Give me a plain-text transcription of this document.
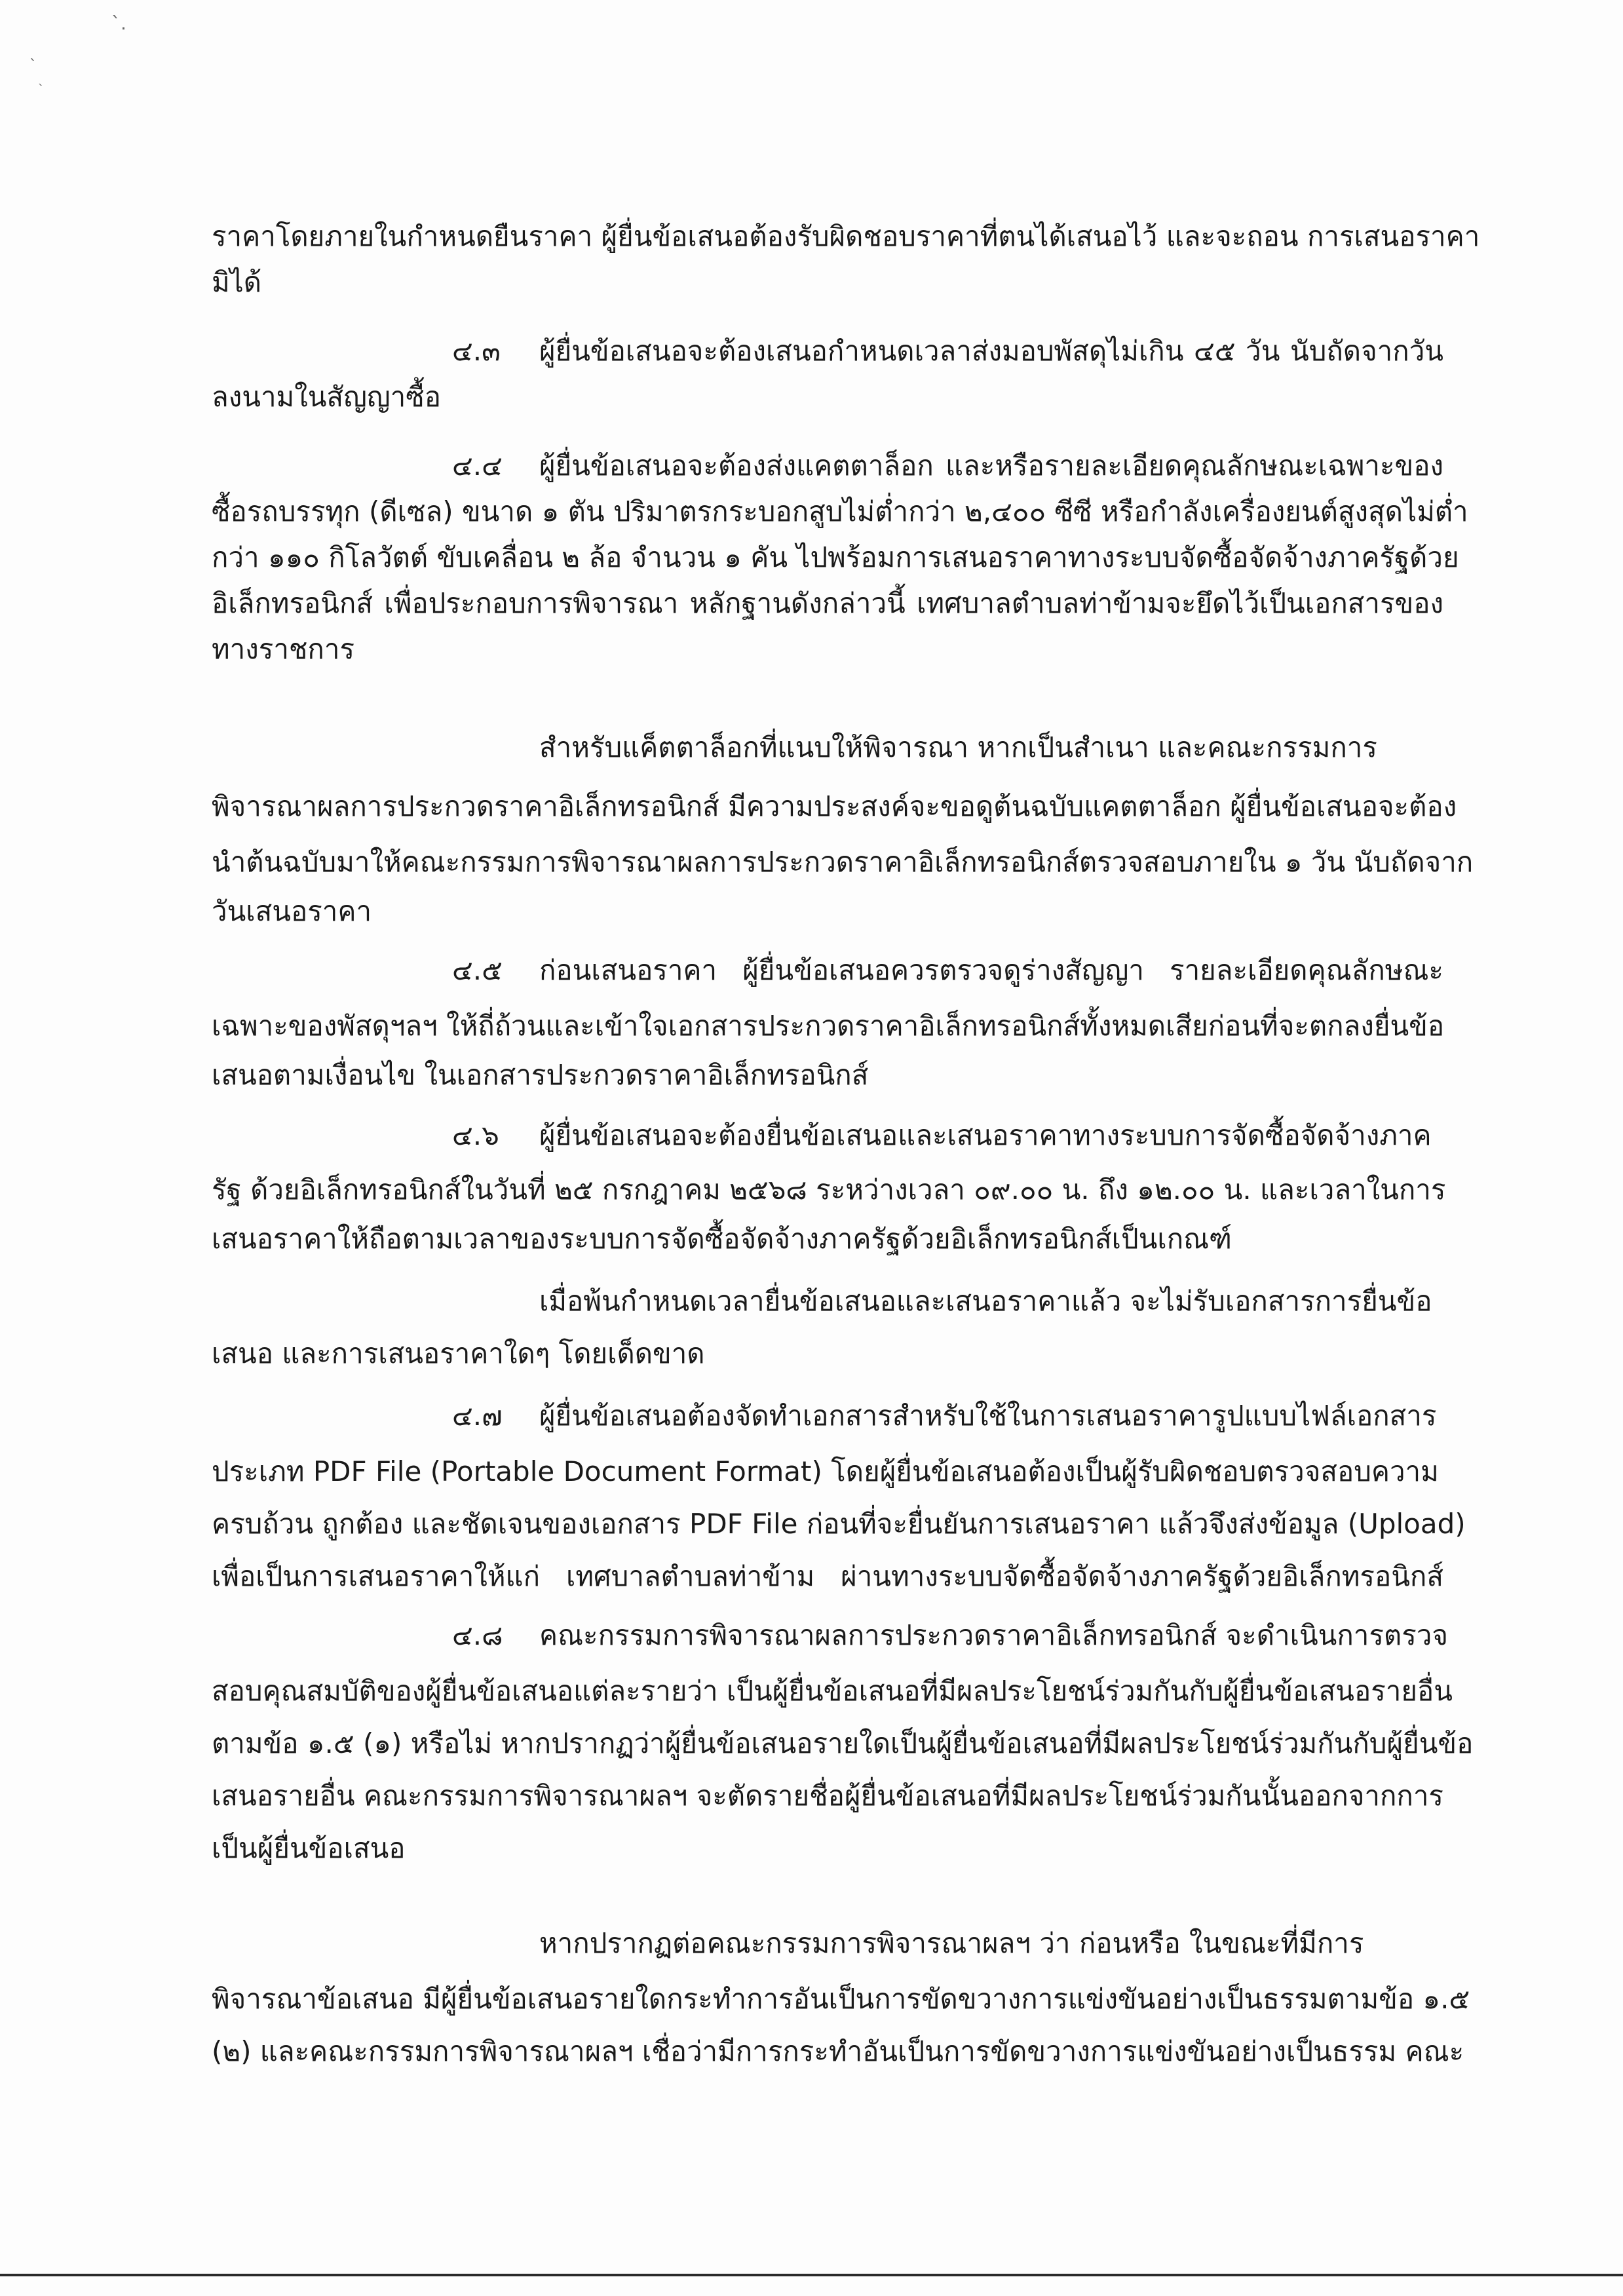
`.
`
`
ราคาโดยภายในกำหนดยืนราคา ผู้ยื่นข้อเสนอต้องรับผิดชอบราคาที่ตนได้เสนอไว้ และจะถอน การเสนอราคา
มิได้
๔.๓ ผู้ยื่นข้อเสนอจะต้องเสนอกำหนดเวลาส่งมอบพัสดุไม่เกิน ๔๕ วัน นับถัดจากวัน
ลงนามในสัญญาซื้อ
๔.๔ ผู้ยื่นข้อเสนอจะต้องส่งแคตตาล็อก และหรือรายละเอียดคุณลักษณะเฉพาะของ
ซื้อรถบรรทุก (ดีเซล) ขนาด ๑ ตัน ปริมาตรกระบอกสูบไม่ต่ำกว่า ๒,๔๐๐ ซีซี หรือกำลังเครื่องยนต์สูงสุดไม่ต่ำ
กว่า ๑๑๐ กิโลวัตต์ ขับเคลื่อน ๒ ล้อ จำนวน ๑ คัน ไปพร้อมการเสนอราคาทางระบบจัดซื้อจัดจ้างภาครัฐด้วย
อิเล็กทรอนิกส์ เพื่อประกอบการพิจารณา หลักฐานดังกล่าวนี้ เทศบาลตำบลท่าข้ามจะยึดไว้เป็นเอกสารของ
ทางราชการ
สำหรับแค็ตตาล็อกที่แนบให้พิจารณา หากเป็นสำเนา และคณะกรรมการ
พิจารณาผลการประกวดราคาอิเล็กทรอนิกส์ มีความประสงค์จะขอดูต้นฉบับแคตตาล็อก ผู้ยื่นข้อเสนอจะต้อง
นำต้นฉบับมาให้คณะกรรมการพิจารณาผลการประกวดราคาอิเล็กทรอนิกส์ตรวจสอบภายใน ๑ วัน นับถัดจาก
วันเสนอราคา
๔.๕ ก่อนเสนอราคา ผู้ยื่นข้อเสนอควรตรวจดูร่างสัญญา รายละเอียดคุณลักษณะ
เฉพาะของพัสดุฯลฯ ให้ถี่ถ้วนและเข้าใจเอกสารประกวดราคาอิเล็กทรอนิกส์ทั้งหมดเสียก่อนที่จะตกลงยื่นข้อ
เสนอตามเงื่อนไข ในเอกสารประกวดราคาอิเล็กทรอนิกส์
๔.๖ ผู้ยื่นข้อเสนอจะต้องยื่นข้อเสนอและเสนอราคาทางระบบการจัดซื้อจัดจ้างภาค
รัฐ ด้วยอิเล็กทรอนิกส์ในวันที่ ๒๕ กรกฎาคม ๒๕๖๘ ระหว่างเวลา ๐๙.๐๐ น. ถึง ๑๒.๐๐ น. และเวลาในการ
เสนอราคาให้ถือตามเวลาของระบบการจัดซื้อจัดจ้างภาครัฐด้วยอิเล็กทรอนิกส์เป็นเกณฑ์
เมื่อพ้นกำหนดเวลายื่นข้อเสนอและเสนอราคาแล้ว จะไม่รับเอกสารการยื่นข้อ
เสนอ และการเสนอราคาใดๆ โดยเด็ดขาด
๔.๗ ผู้ยื่นข้อเสนอต้องจัดทำเอกสารสำหรับใช้ในการเสนอราคารูปแบบไฟล์เอกสาร
ประเภท PDF File (Portable Document Format) โดยผู้ยื่นข้อเสนอต้องเป็นผู้รับผิดชอบตรวจสอบความ
ครบถ้วน ถูกต้อง และชัดเจนของเอกสาร PDF File ก่อนที่จะยื่นยันการเสนอราคา แล้วจึงส่งข้อมูล (Upload)
เพื่อเป็นการเสนอราคาให้แก่ เทศบาลตำบลท่าข้าม ผ่านทางระบบจัดซื้อจัดจ้างภาครัฐด้วยอิเล็กทรอนิกส์
๔.๘ คณะกรรมการพิจารณาผลการประกวดราคาอิเล็กทรอนิกส์ จะดำเนินการตรวจ
สอบคุณสมบัติของผู้ยื่นข้อเสนอแต่ละรายว่า เป็นผู้ยื่นข้อเสนอที่มีผลประโยชน์ร่วมกันกับผู้ยื่นข้อเสนอรายอื่น
ตามข้อ ๑.๕ (๑) หรือไม่ หากปรากฏว่าผู้ยื่นข้อเสนอรายใดเป็นผู้ยื่นข้อเสนอที่มีผลประโยชน์ร่วมกันกับผู้ยื่นข้อ
เสนอรายอื่น คณะกรรมการพิจารณาผลฯ จะตัดรายชื่อผู้ยื่นข้อเสนอที่มีผลประโยชน์ร่วมกันนั้นออกจากการ
เป็นผู้ยื่นข้อเสนอ
หากปรากฏต่อคณะกรรมการพิจารณาผลฯ ว่า ก่อนหรือ ในขณะที่มีการ
พิจารณาข้อเสนอ มีผู้ยื่นข้อเสนอรายใดกระทำการอันเป็นการขัดขวางการแข่งขันอย่างเป็นธรรมตามข้อ ๑.๕
(๒) และคณะกรรมการพิจารณาผลฯ เชื่อว่ามีการกระทำอันเป็นการขัดขวางการแข่งขันอย่างเป็นธรรม คณะ
